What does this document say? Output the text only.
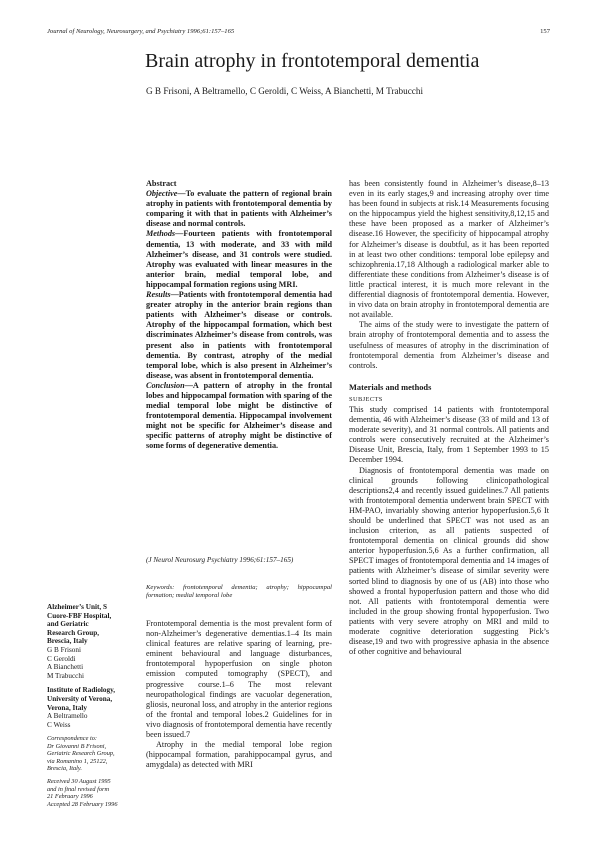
Journal of Neurology, Neurosurgery, and Psychiatry 1996;61:157–165	157
Brain atrophy in frontotemporal dementia
G B Frisoni, A Beltramello, C Geroldi, C Weiss, A Bianchetti, M Trabucchi
Abstract

Objective—To evaluate the pattern of regional brain atrophy in patients with frontotemporal dementia by comparing it with that in patients with Alzheimer’s disease and normal controls.

Methods—Fourteen patients with frontotemporal dementia, 13 with moderate, and 33 with mild Alzheimer’s disease, and 31 controls were studied. Atrophy was evaluated with linear measures in the anterior brain, medial temporal lobe, and hippocampal formation regions using MRI.

Results—Patients with frontotemporal dementia had greater atrophy in the anterior brain regions than patients with Alzheimer’s disease or controls. Atrophy of the hippocampal formation, which best discriminates Alzheimer’s disease from controls, was present also in patients with frontotemporal dementia. By contrast, atrophy of the medial temporal lobe, which is also present in Alzheimer’s disease, was absent in frontotemporal dementia.

Conclusion—A pattern of atrophy in the frontal lobes and hippocampal formation with sparing of the medial temporal lobe might be distinctive of frontotemporal dementia. Hippocampal involvement might not be specific for Alzheimer’s disease and specific patterns of atrophy might be distinctive of some forms of degenerative dementia.

(J Neurol Neurosurg Psychiatry 1996;61:157–165)
Keywords: frontotemporal dementia; atrophy; hippocampal formation; medial temporal lobe

Frontotemporal dementia is the most prevalent form of non-Alzheimer’s degenerative dementias.1–4 Its main clinical features are relative sparing of learning, pre-eminent behavioural and language disturbances, frontotemporal hypoperfusion on single photon emission computed tomography (SPECT), and progressive course.1–6 The most relevant neuropathological findings are vacuolar degeneration, gliosis, neuronal loss, and atrophy in the anterior regions of the frontal and temporal lobes.2 Guidelines for in vivo diagnosis of frontotemporal dementia have recently been issued.7

Atrophy in the medial temporal lobe region (hippocampal formation, parahippocampal gyrus, and amygdala) as detected with MRI

has been consistently found in Alzheimer’s disease,8–13 even in its early stages,9 and increasing atrophy over time has been found in subjects at risk.14 Measurements focusing on the hippocampus yield the highest sensitivity,8,12,15 and these have been proposed as a marker of Alzheimer’s disease.16 However, the specificity of hippocampal atrophy for Alzheimer’s disease is doubtful, as it has been reported in at least two other conditions: temporal lobe epilepsy and schizophrenia.17,18 Although a radiological marker able to differentiate these conditions from Alzheimer’s disease is of little practical interest, it is much more relevant in the differential diagnosis of frontotemporal dementia. However, in vivo data on brain atrophy in frontotemporal dementia are not available.

The aims of the study were to investigate the pattern of brain atrophy of frontotemporal dementia and to assess the usefulness of measures of atrophy in the discrimination of frontotemporal dementia from Alzheimer’s disease and controls.

Materials and methods

SUBJECTS

This study comprised 14 patients with frontotemporal dementia, 46 with Alzheimer’s disease (33 of mild and 13 of moderate severity), and 31 normal controls. All patients and controls were consecutively recruited at the Alzheimer’s Disease Unit, Brescia, Italy, from 1 September 1993 to 15 December 1994.

Diagnosis of frontotemporal dementia was made on clinical grounds following clinicopathological descriptions2,4 and recently issued guidelines.7 All patients with frontotemporal dementia underwent brain SPECT with HM-PAO, invariably showing anterior hypoperfusion.5,6 It should be underlined that SPECT was not used as an inclusion criterion, as all patients suspected of frontotemporal dementia on clinical grounds did show anterior hypoperfusion.5,6 As a further confirmation, all SPECT images of frontotemporal dementia and 14 images of patients with Alzheimer’s disease of similar severity were sorted blind to diagnosis by one of us (AB) into those who showed a frontal hypoperfusion pattern and those who did not. All patients with frontotemporal dementia were included in the group showing frontal hypoperfusion. Two patients with very severe atrophy on MRI and mild to moderate cognitive deterioration suggesting Pick’s disease,19 and two with progressive aphasia in the absence of other cognitive and behavioural

Alzheimer’s Unit, S
Cuore-FBF Hospital,
and Geriatric
Research Group,
Brescia, Italy
G B Frisoni
C Geroldi
A Bianchetti
M Trabucchi
Institute of Radiology,
University of Verona,
Verona, Italy
A Beltramello
C Weiss
Correspondence to:
Dr Giovanni B Frisoni,
Geriatric Research Group,
via Romanino 1, 25122,
Brescia, Italy.
Received 30 August 1995
and in final revised form
21 February 1996
Accepted 28 February 1996
